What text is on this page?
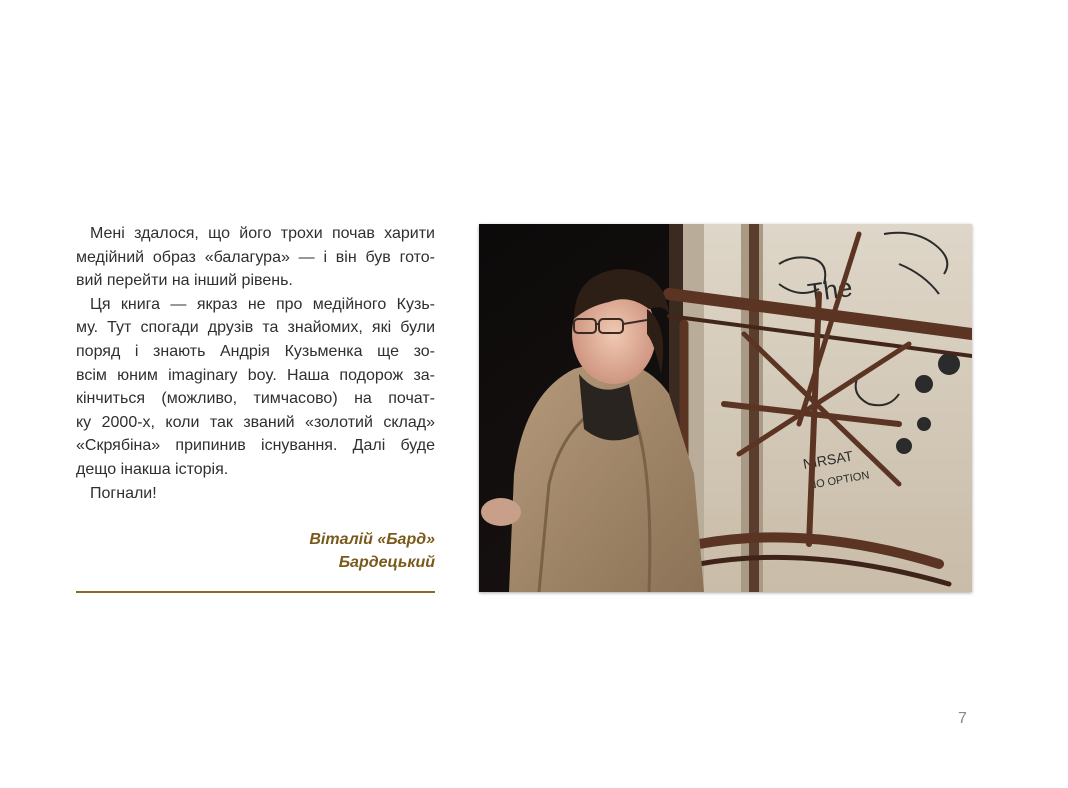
Мені здалося, що його трохи почав харити
медійний образ «балагура» — і він був гото-
вий перейти на інший рівень.

Ця книга — якраз не про медійного Кузь-
му. Тут спогади друзів та знайомих, які були
поряд і знають Андрія Кузьменка ще зо-
всім юним imaginary boy. Наша подорож за-
кінчиться (можливо, тимчасово) на почат-
ку 2000-х, коли так званий «золотий склад»
«Скрябіна» припинив існування. Далі буде
дещо інакша історія.

Погнали!

Віталій «Бард»
Бардецький
The
NIRSAT
NO OPTION
7
